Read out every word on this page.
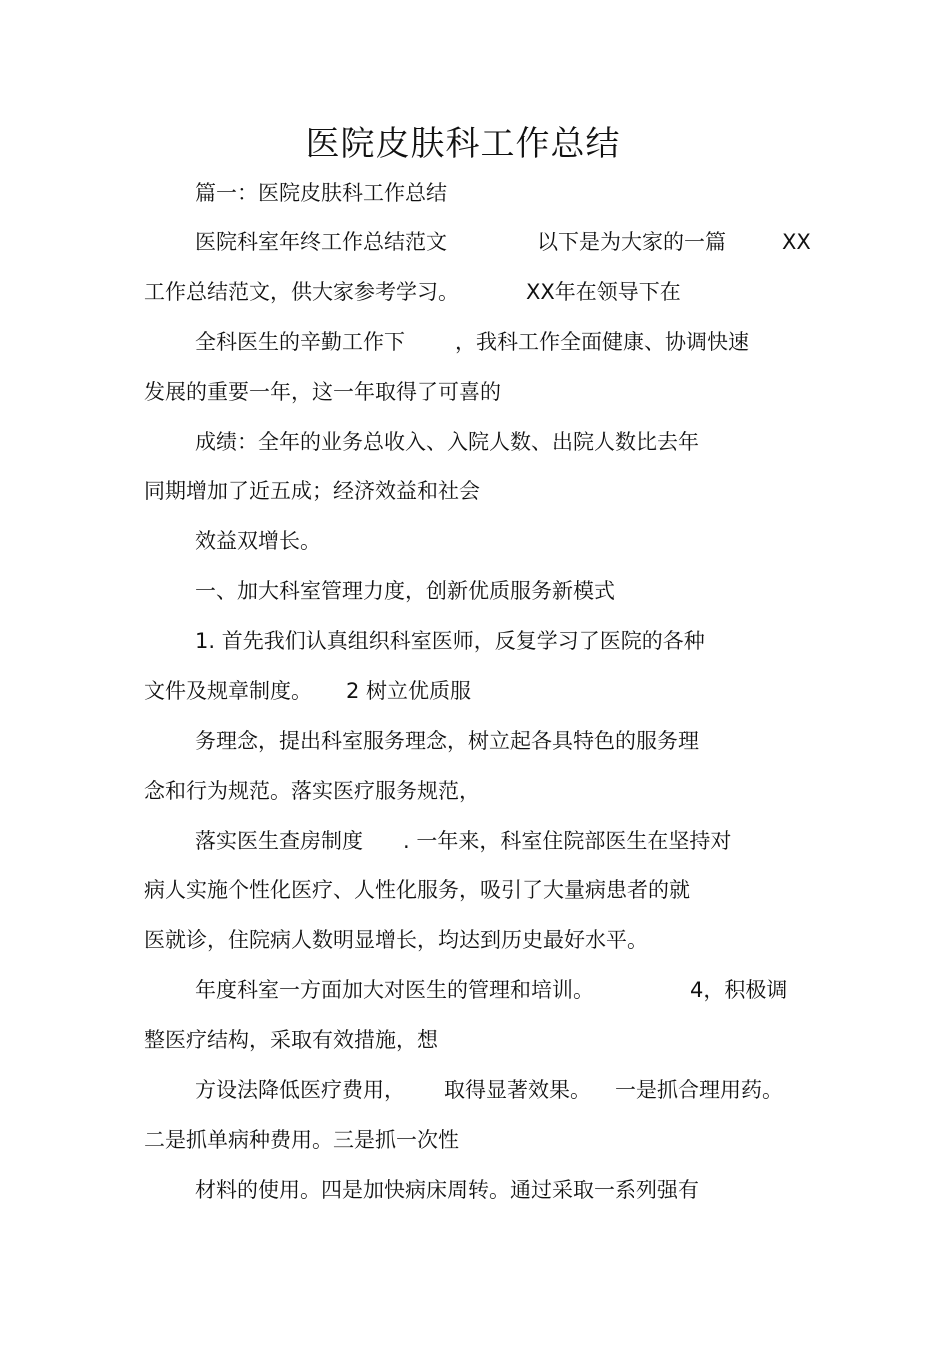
医院皮肤科工作总结

篇一：医院皮肤科工作总结

医院科室年终工作总结范文	以下是为大家的一篇	XX

工作总结范文，供大家参考学习。	XX年在领导下在

全科医生的辛勤工作下 ，我科工作全面健康、协调快速

发展的重要一年，这一年取得了可喜的

成绩：全年的业务总收入、入院人数、出院人数比去年

同期增加了近五成；经济效益和社会

效益双增长。

一、加大科室管理力度，创新优质服务新模式

1. 首先我们认真组织科室医师，反复学习了医院的各种

文件及规章制度。 2 树立优质服

务理念，提出科室服务理念，树立起各具特色的服务理

念和行为规范。落实医疗服务规范，

落实医生查房制度 . 一年来，科室住院部医生在坚持对

病人实施个性化医疗、人性化服务，吸引了大量病患者的就

医就诊，住院病人数明显增长，均达到历史最好水平。

年度科室一方面加大对医生的管理和培训。	4，积极调

整医疗结构，采取有效措施，想

方设法降低医疗费用， 取得显著效果。 一是抓合理用药。

二是抓单病种费用。三是抓一次性

材料的使用。四是加快病床周转。通过采取一系列强有
